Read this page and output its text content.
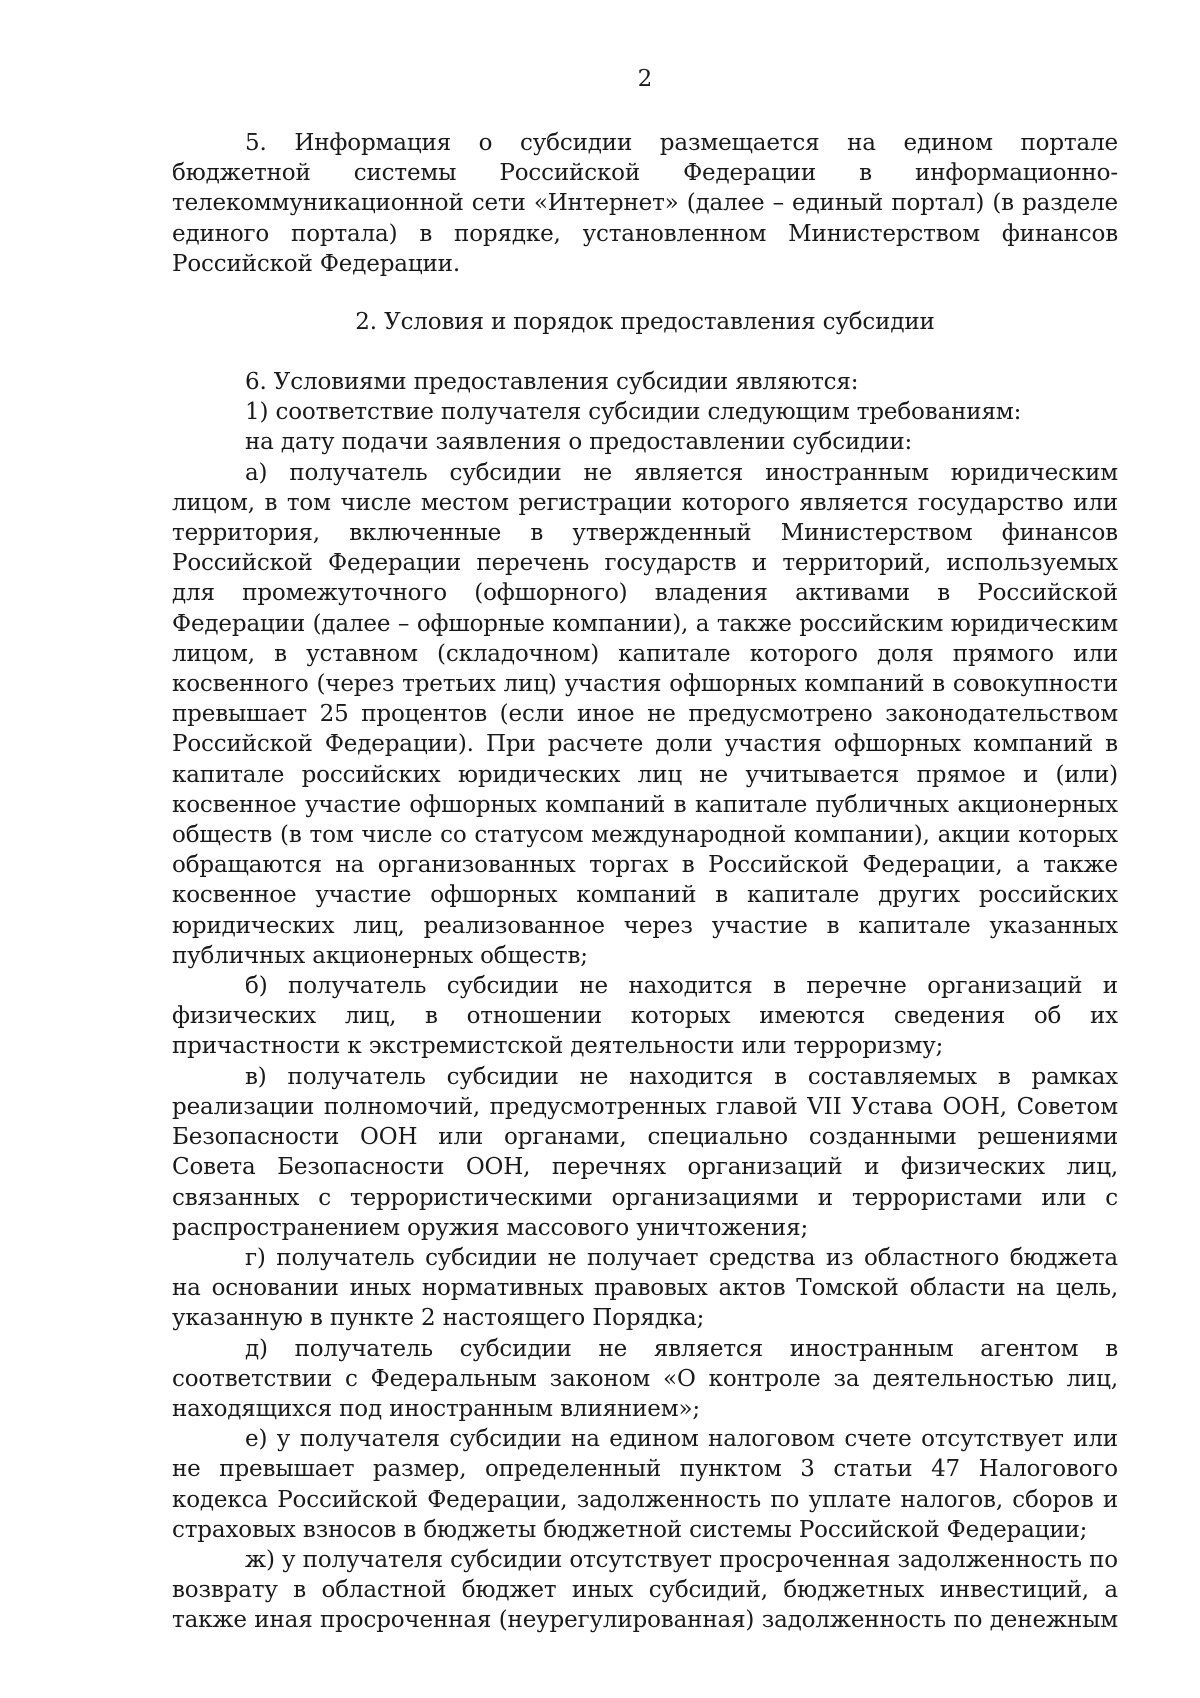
2

5. Информация о субсидии размещается на едином портале бюджетной системы Российской Федерации в информационно-телекоммуникационной сети «Интернет» (далее – единый портал) (в разделе единого портала) в порядке, установленном Министерством финансов Российской Федерации.

2. Условия и порядок предоставления субсидии

6. Условиями предоставления субсидии являются:

1) соответствие получателя субсидии следующим требованиям:

на дату подачи заявления о предоставлении субсидии:

а) получатель субсидии не является иностранным юридическим лицом, в том числе местом регистрации которого является государство или территория, включенные в утвержденный Министерством финансов Российской Федерации перечень государств и территорий, используемых для промежуточного (офшорного) владения активами в Российской Федерации (далее – офшорные компании), а также российским юридическим лицом, в уставном (складочном) капитале которого доля прямого или косвенного (через третьих лиц) участия офшорных компаний в совокупности превышает 25 процентов (если иное не предусмотрено законодательством Российской Федерации). При расчете доли участия офшорных компаний в капитале российских юридических лиц не учитывается прямое и (или) косвенное участие офшорных компаний в капитале публичных акционерных обществ (в том числе со статусом международной компании), акции которых обращаются на организованных торгах в Российской Федерации, а также косвенное участие офшорных компаний в капитале других российских юридических лиц, реализованное через участие в капитале указанных публичных акционерных обществ;

б) получатель субсидии не находится в перечне организаций и физических лиц, в отношении которых имеются сведения об их причастности к экстремистской деятельности или терроризму;

в) получатель субсидии не находится в составляемых в рамках реализации полномочий, предусмотренных главой VII Устава ООН, Советом Безопасности ООН или органами, специально созданными решениями Совета Безопасности ООН, перечнях организаций и физических лиц, связанных с террористическими организациями и террористами или с распространением оружия массового уничтожения;

г) получатель субсидии не получает средства из областного бюджета на основании иных нормативных правовых актов Томской области на цель, указанную в пункте 2 настоящего Порядка;

д) получатель субсидии не является иностранным агентом в соответствии с Федеральным законом «О контроле за деятельностью лиц, находящихся под иностранным влиянием»;

е) у получателя субсидии на едином налоговом счете отсутствует или не превышает размер, определенный пунктом 3 статьи 47 Налогового кодекса Российской Федерации, задолженность по уплате налогов, сборов и страховых взносов в бюджеты бюджетной системы Российской Федерации;

ж) у получателя субсидии отсутствует просроченная задолженность по возврату в областной бюджет иных субсидий, бюджетных инвестиций, а также иная просроченная (неурегулированная) задолженность по денежным
